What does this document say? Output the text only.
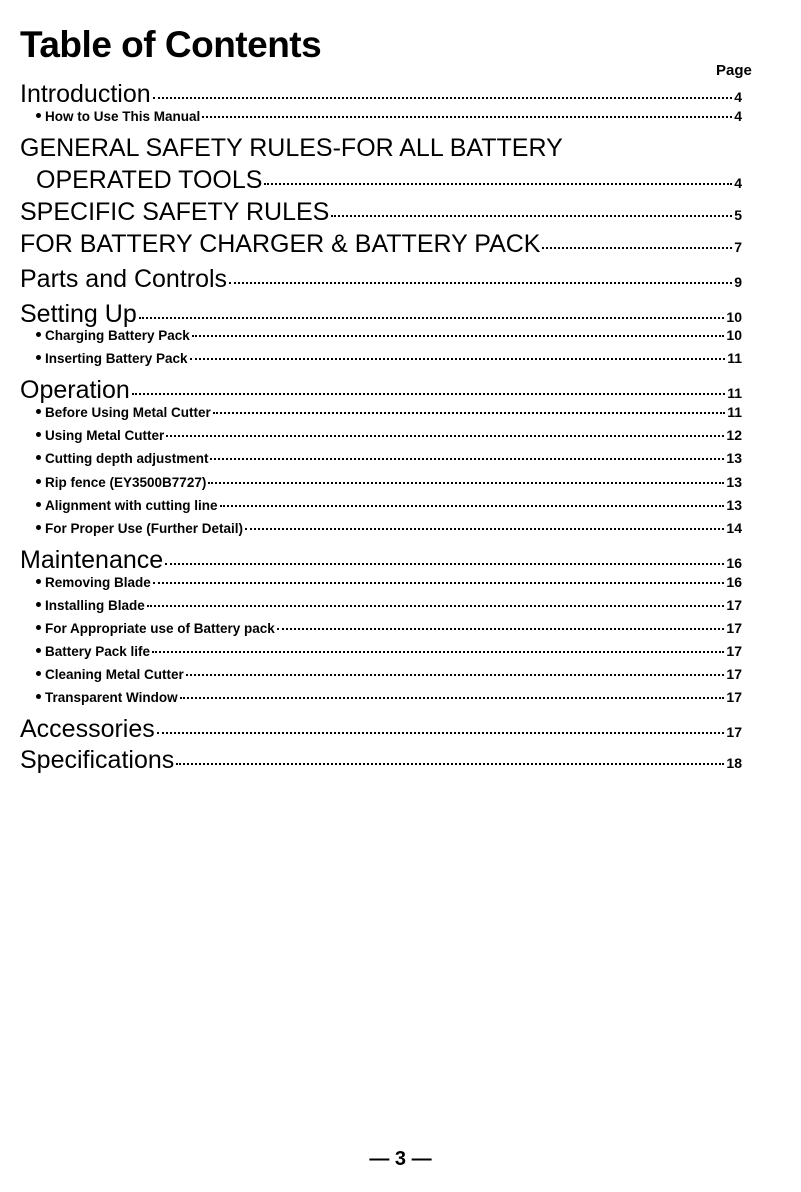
Table of Contents
Page
Introduction	4
How to Use This Manual	4
GENERAL SAFETY RULES-FOR ALL BATTERY
OPERATED TOOLS	4
SPECIFIC SAFETY RULES	5
FOR BATTERY CHARGER & BATTERY PACK	7
Parts and Controls	9
Setting Up	10
Charging Battery Pack	10
Inserting Battery Pack	11
Operation	11
Before Using Metal Cutter	11
Using Metal Cutter	12
Cutting depth adjustment	13
Rip fence (EY3500B7727)	13
Alignment with cutting line	13
For Proper Use (Further Detail)	14
Maintenance	16
Removing Blade	16
Installing Blade	17
For Appropriate use of Battery pack	17
Battery Pack life	17
Cleaning Metal Cutter	17
Transparent Window	17
Accessories	17
Specifications	18
— 3 —
